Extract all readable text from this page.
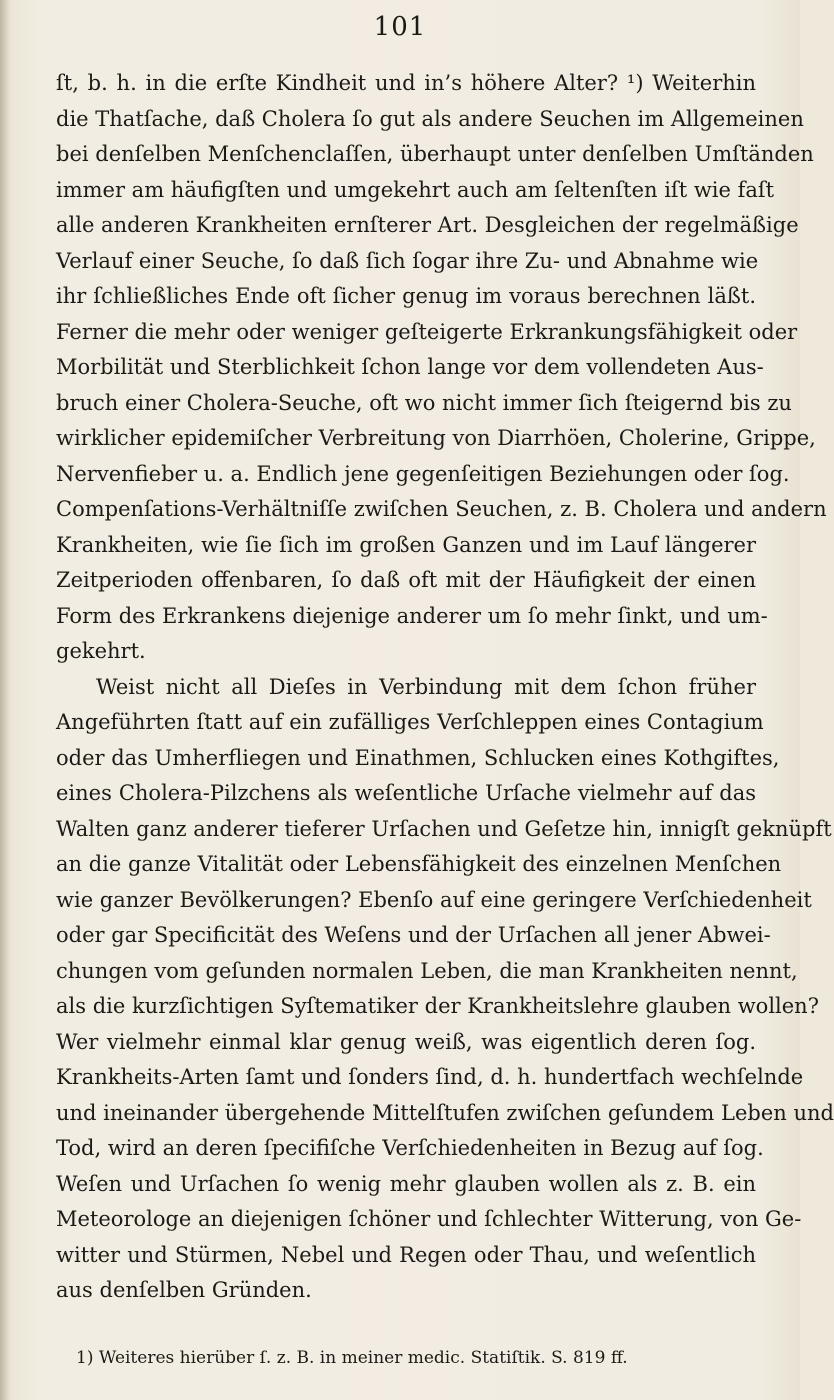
101
ſt, b. h. in die erſte Kindheit und in’s höhere Alter? ¹) Weiterhin
die Thatſache, daß Cholera ſo gut als andere Seuchen im Allgemeinen
bei denſelben Menſchenclaſſen, überhaupt unter denſelben Umſtänden
immer am häufigſten und umgekehrt auch am ſeltenſten iſt wie faſt
alle anderen Krankheiten ernſterer Art. Desgleichen der regelmäßige
Verlauf einer Seuche, ſo daß ſich ſogar ihre Zu- und Abnahme wie
ihr ſchließliches Ende oft ſicher genug im voraus berechnen läßt.
Ferner die mehr oder weniger geſteigerte Erkrankungsfähigkeit oder
Morbilität und Sterblichkeit ſchon lange vor dem vollendeten Aus-
bruch einer Cholera-Seuche, oft wo nicht immer ſich ſteigernd bis zu
wirklicher epidemiſcher Verbreitung von Diarrhöen, Cholerine, Grippe,
Nervenfieber u. a. Endlich jene gegenſeitigen Beziehungen oder ſog.
Compenſations-Verhältniſſe zwiſchen Seuchen, z. B. Cholera und andern
Krankheiten, wie ſie ſich im großen Ganzen und im Lauf längerer
Zeitperioden offenbaren, ſo daß oft mit der Häufigkeit der einen
Form des Erkrankens diejenige anderer um ſo mehr ſinkt, und um-
gekehrt.
Weist nicht all Dieſes in Verbindung mit dem ſchon früher
Angeführten ſtatt auf ein zufälliges Verſchleppen eines Contagium
oder das Umherfliegen und Einathmen, Schlucken eines Kothgiftes,
eines Cholera-Pilzchens als weſentliche Urſache vielmehr auf das
Walten ganz anderer tieferer Urſachen und Geſetze hin, innigſt geknüpft
an die ganze Vitalität oder Lebensfähigkeit des einzelnen Menſchen
wie ganzer Bevölkerungen? Ebenſo auf eine geringere Verſchiedenheit
oder gar Specificität des Weſens und der Urſachen all jener Abwei-
chungen vom geſunden normalen Leben, die man Krankheiten nennt,
als die kurzſichtigen Syſtematiker der Krankheitslehre glauben wollen?
Wer vielmehr einmal klar genug weiß, was eigentlich deren ſog.
Krankheits-Arten ſamt und ſonders ſind, d. h. hundertfach wechſelnde
und ineinander übergehende Mittelſtufen zwiſchen geſundem Leben und
Tod, wird an deren ſpecifiſche Verſchiedenheiten in Bezug auf ſog.
Weſen und Urſachen ſo wenig mehr glauben wollen als z. B. ein
Meteorologe an diejenigen ſchöner und ſchlechter Witterung, von Ge-
witter und Stürmen, Nebel und Regen oder Thau, und weſentlich
aus denſelben Gründen.
1) Weiteres hierüber ſ. z. B. in meiner medic. Statiſtik. S. 819 ff.
